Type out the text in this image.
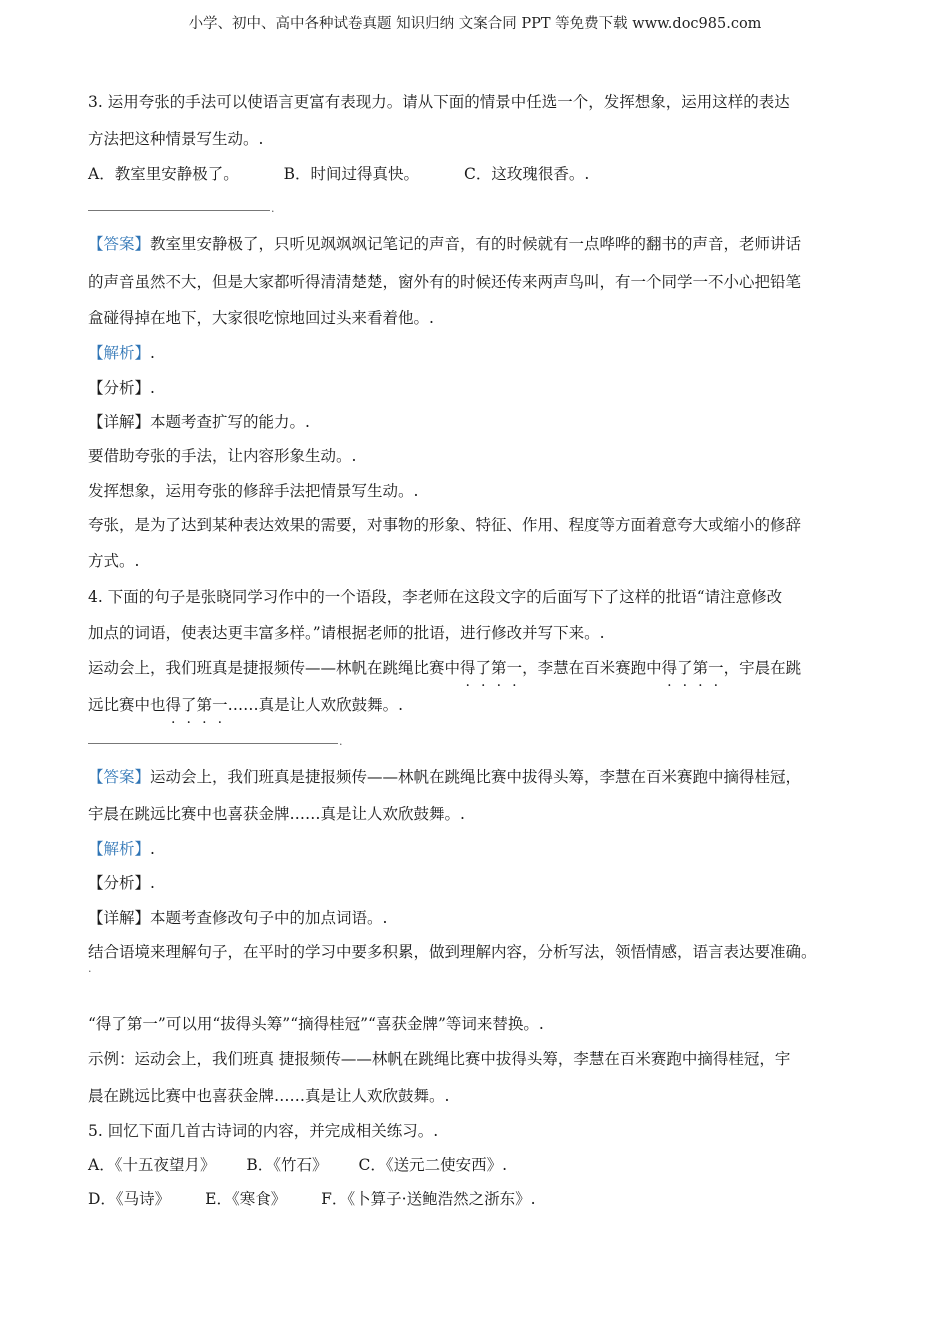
小学、初中、高中各种试卷真题 知识归纳 文案合同 PPT 等免费下载 www.doc985.com
3. 运用夸张的手法可以使语言更富有表现力。请从下面的情景中任选一个，发挥想象，运用这样的表达
方法把这种情景写生动。.
A．教室里安静极了。	B．时间过得真快。	C．这玫瑰很香。.
.
【答案】教室里安静极了，只听见飒飒飒记笔记的声音，有的时候就有一点哗哗的翻书的声音，老师讲话
的声音虽然不大，但是大家都听得清清楚楚，窗外有的时候还传来两声鸟叫，有一个同学一不小心把铅笔
盒碰得掉在地下，大家很吃惊地回过头来看着他。.
【解析】.
【分析】.
【详解】本题考查扩写的能力。.
要借助夸张的手法，让内容形象生动。.
发挥想象，运用夸张的修辞手法把情景写生动。.
夸张，是为了达到某种表达效果的需要，对事物的形象、特征、作用、程度等方面着意夸大或缩小的修辞
方式。.
4. 下面的句子是张晓同学习作中的一个语段，李老师在这段文字的后面写下了这样的批语“请注意修改
加点的词语，使表达更丰富多样。”请根据老师的批语，进行修改并写下来。.
运动会上，我们班真是捷报频传——林帆在跳绳比赛中得了第一，李慧在百米赛跑中得了第一，宇晨在跳
远比赛中也得了第一……真是让人欢欣鼓舞。.
.
【答案】运动会上，我们班真是捷报频传——林帆在跳绳比赛中拔得头筹，李慧在百米赛跑中摘得桂冠，
宇晨在跳远比赛中也喜获金牌……真是让人欢欣鼓舞。.
【解析】.
【分析】.
【详解】本题考查修改句子中的加点词语。.
结合语境来理解句子，在平时的学习中要多积累，做到理解内容，分析写法，领悟情感，语言表达要准确。
.
“得了第一”可以用“拔得头筹”“摘得桂冠”“喜获金牌”等词来替换。.
示例：运动会上，我们班真 捷报频传——林帆在跳绳比赛中拔得头筹，李慧在百米赛跑中摘得桂冠，宇
晨在跳远比赛中也喜获金牌……真是让人欢欣鼓舞。.
5. 回忆下面几首古诗词的内容，并完成相关练习。.
A．《十五夜望月》 B．《竹石》 C．《送元二使安西》.
D．《马诗》 E．《寒食》 F．《卜算子·送鲍浩然之浙东》.
